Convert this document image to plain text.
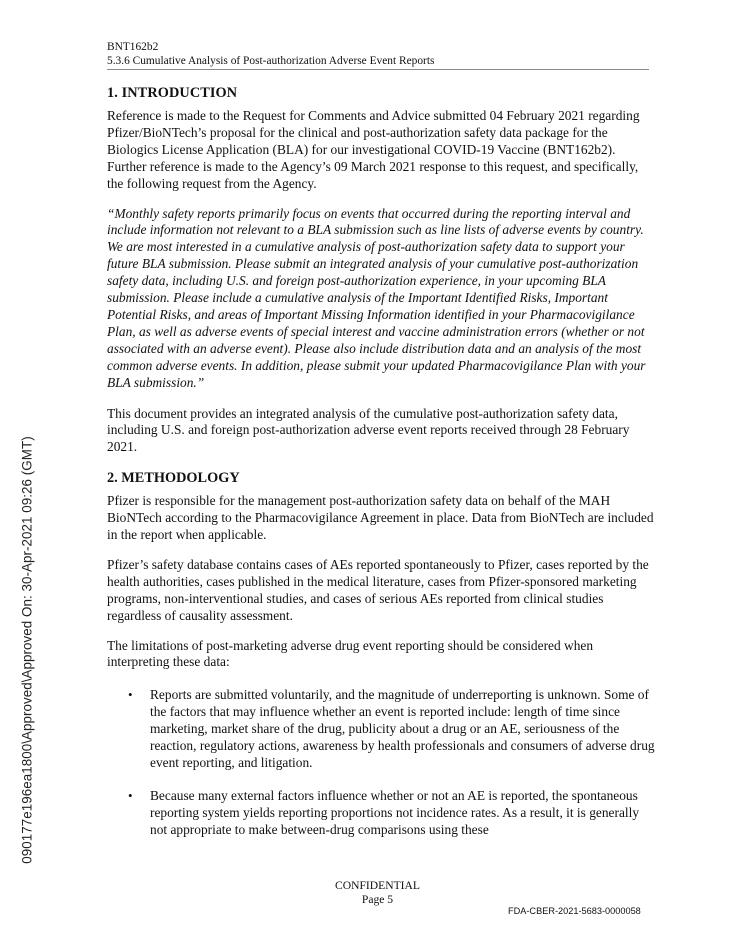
090177e196ea1800\Approved\Approved On: 30-Apr-2021 09:26 (GMT)
BNT162b2
5.3.6 Cumulative Analysis of Post-authorization Adverse Event Reports
1. INTRODUCTION

Reference is made to the Request for Comments and Advice submitted 04 February 2021 regarding Pfizer/BioNTech’s proposal for the clinical and post-authorization safety data package for the Biologics License Application (BLA) for our investigational COVID-19 Vaccine (BNT162b2). Further reference is made to the Agency’s 09 March 2021 response to this request, and specifically, the following request from the Agency.

“Monthly safety reports primarily focus on events that occurred during the reporting interval and include information not relevant to a BLA submission such as line lists of adverse events by country. We are most interested in a cumulative analysis of post-authorization safety data to support your future BLA submission. Please submit an integrated analysis of your cumulative post-authorization safety data, including U.S. and foreign post-authorization experience, in your upcoming BLA submission. Please include a cumulative analysis of the Important Identified Risks, Important Potential Risks, and areas of Important Missing Information identified in your Pharmacovigilance Plan, as well as adverse events of special interest and vaccine administration errors (whether or not associated with an adverse event). Please also include distribution data and an analysis of the most common adverse events. In addition, please submit your updated Pharmacovigilance Plan with your BLA submission.”

This document provides an integrated analysis of the cumulative post-authorization safety data, including U.S. and foreign post-authorization adverse event reports received through 28 February 2021.

2. METHODOLOGY

Pfizer is responsible for the management post-authorization safety data on behalf of the MAH BioNTech according to the Pharmacovigilance Agreement in place. Data from BioNTech are included in the report when applicable.

Pfizer’s safety database contains cases of AEs reported spontaneously to Pfizer, cases reported by the health authorities, cases published in the medical literature, cases from Pfizer-sponsored marketing programs, non-interventional studies, and cases of serious AEs reported from clinical studies regardless of causality assessment.

The limitations of post-marketing adverse drug event reporting should be considered when interpreting these data:

• Reports are submitted voluntarily, and the magnitude of underreporting is unknown. Some of the factors that may influence whether an event is reported include: length of time since marketing, market share of the drug, publicity about a drug or an AE, seriousness of the reaction, regulatory actions, awareness by health professionals and consumers of adverse drug event reporting, and litigation.
• Because many external factors influence whether or not an AE is reported, the spontaneous reporting system yields reporting proportions not incidence rates. As a result, it is generally not appropriate to make between-drug comparisons using these
CONFIDENTIAL
Page 5
FDA-CBER-2021-5683-0000058
